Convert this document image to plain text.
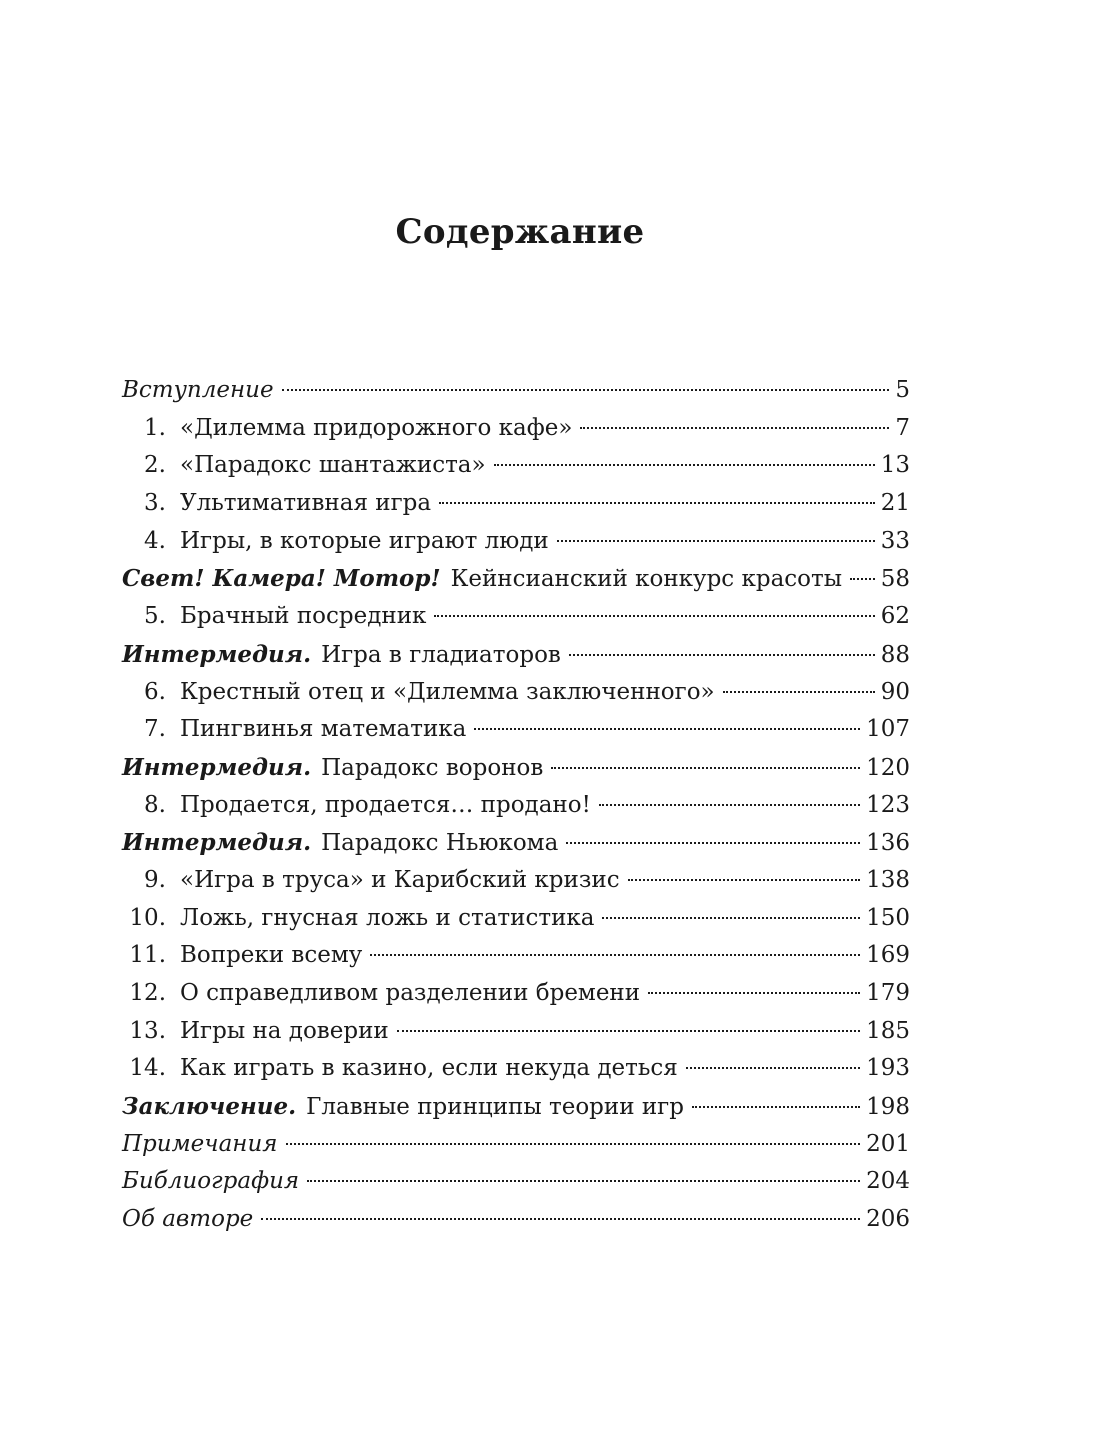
Содержание
Вступление	5
1. «Дилемма придорожного кафе»	7
2. «Парадокс шантажиста»	13
3. Ультимативная игра	21
4. Игры, в которые играют люди	33
Свет! Камера! Мотор! Кейнсианский конкурс красоты 58
5. Брачный посредник	62
Интермедия. Игра в гладиаторов	88
6. Крестный отец и «Дилемма заключенного»	90
7. Пингвинья математика	107
Интермедия. Парадокс воронов	120
8. Продается, продается… продано!	123
Интермедия. Парадокс Ньюкома	136
9. «Игра в труса» и Карибский кризис	138
10. Ложь, гнусная ложь и статистика	150
11. Вопреки всему	169
12. О справедливом разделении бремени	179
13. Игры на доверии	185
14. Как играть в казино, если некуда деться	193
Заключение. Главные принципы теории игр	198
Примечания	201
Библиография	204
Об авторе	206
